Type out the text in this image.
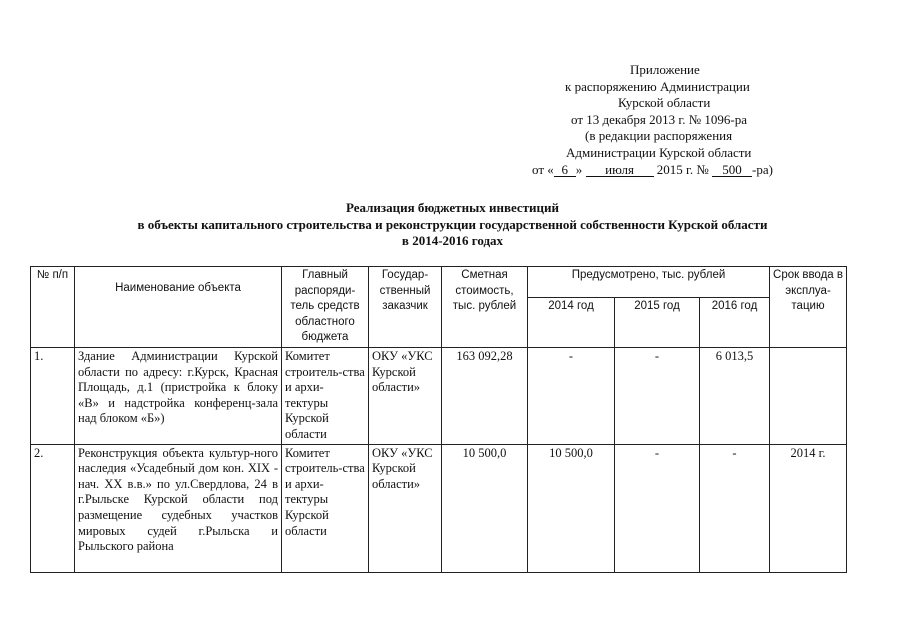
Приложение
к распоряжению Администрации
Курской области
от 13 декабря 2013 г. № 1096-ра
(в редакции распоряжения
Администрации Курской области
от « 6 » июля 2015 г. № 500 -ра)
Реализация бюджетных инвестиций
в объекты капитального строительства и реконструкции государственной собственности Курской области
в 2014-2016 годах
№ п/п	Наименование объекта	Главный распоряди-тель средств областного бюджета	Государ-ственный заказчик	Сметная стоимость, тыс. рублей	Предусмотрено, тыс. рублей			Срок ввода в эксплуа-тацию
					2014 год	2015 год	2016 год	
1.	Здание Администрации Курской области по адресу: г.Курск, Красная Площадь, д.1 (пристройка к блоку «В» и надстройка конференц-зала над блоком «Б»)	Комитет строитель-ства и архи-тектуры Курской области	ОКУ «УКС Курской области»	163 092,28	-	-	6 013,5	
2.	Реконструкция объекта культур-ного наследия «Усадебный дом кон. XIX - нач. XX в.в.» по ул.Свердлова, 24 в г.Рыльске Курской области под размещение судебных участков мировых судей г.Рыльска и Рыльского района	Комитет строитель-ства и архи-тектуры Курской области	ОКУ «УКС Курской области»	10 500,0	10 500,0	-	-	2014 г.
